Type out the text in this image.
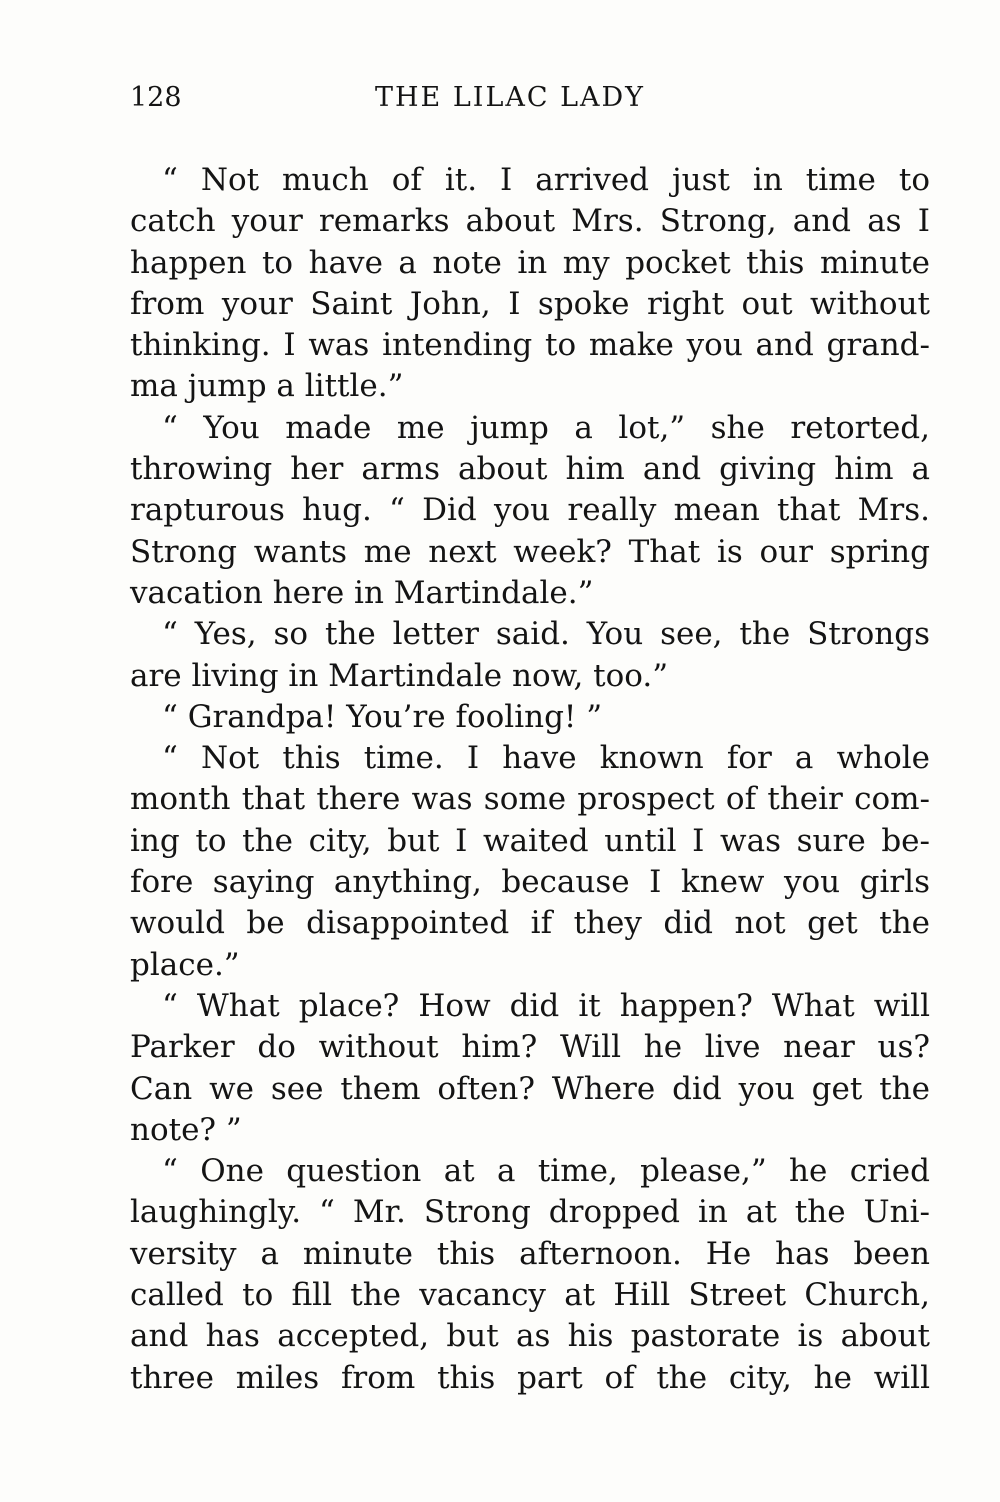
128	THE LILAC LADY
“ Not much of it. I arrived just in time to
catch your remarks about Mrs. Strong, and as I
happen to have a note in my pocket this minute
from your Saint John, I spoke right out without
thinking. I was intending to make you and grand-
ma jump a little.”
“ You made me jump a lot,” she retorted,
throwing her arms about him and giving him a
rapturous hug. “ Did you really mean that Mrs.
Strong wants me next week? That is our spring
vacation here in Martindale.”
“ Yes, so the letter said. You see, the Strongs
are living in Martindale now, too.”
“ Grandpa! You’re fooling! ”
“ Not this time. I have known for a whole
month that there was some prospect of their com-
ing to the city, but I waited until I was sure be-
fore saying anything, because I knew you girls
would be disappointed if they did not get the
place.”
“ What place? How did it happen? What will
Parker do without him? Will he live near us?
Can we see them often? Where did you get the
note? ”
“ One question at a time, please,” he cried
laughingly. “ Mr. Strong dropped in at the Uni-
versity a minute this afternoon. He has been
called to fill the vacancy at Hill Street Church,
and has accepted, but as his pastorate is about
three miles from this part of the city, he will
